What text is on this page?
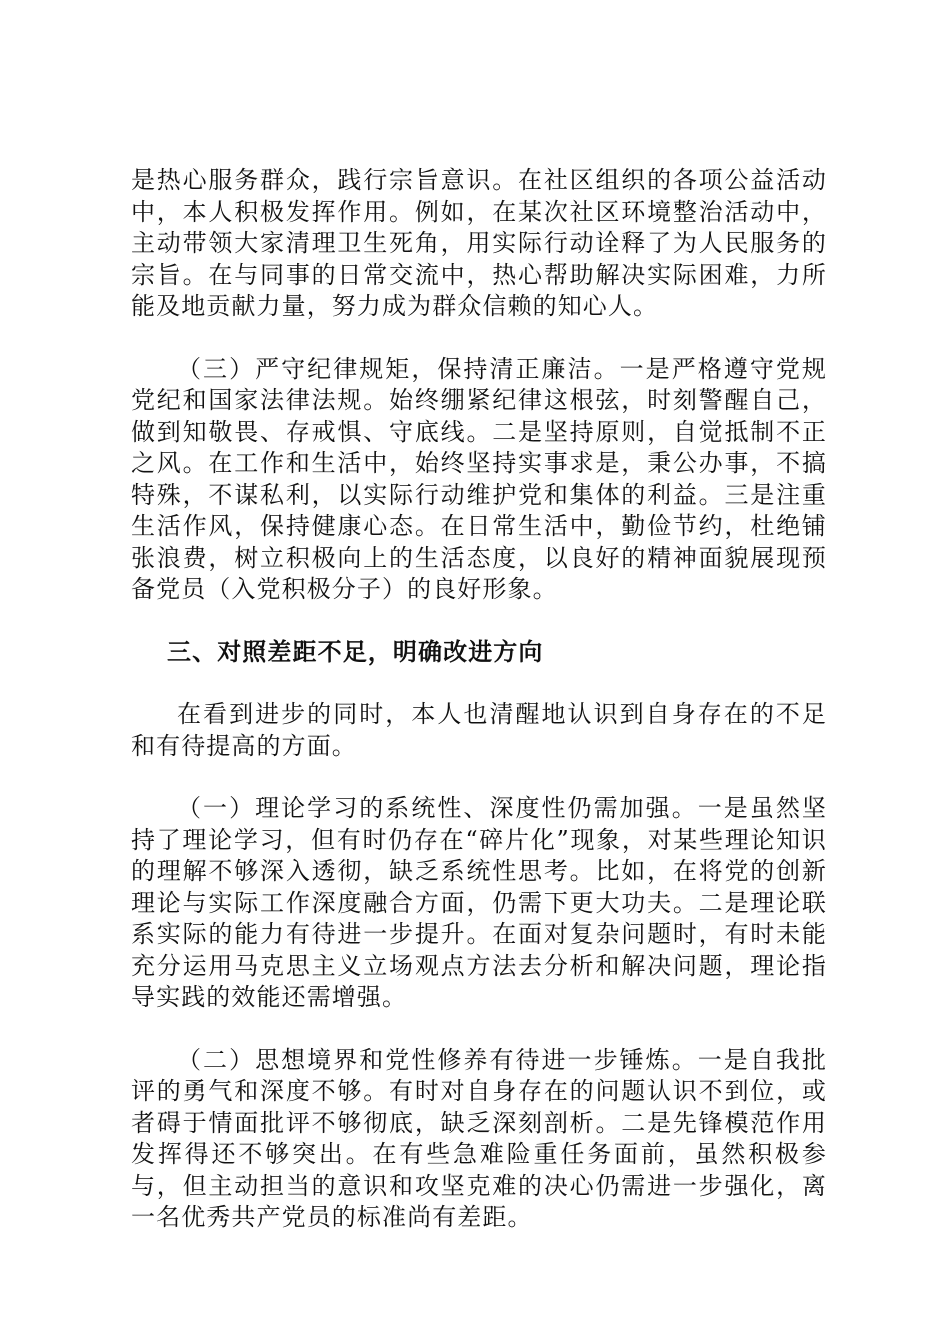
是热心服务群众，践行宗旨意识。在社区组织的各项公益活动中，本人积极发挥作用。例如，在某次社区环境整治活动中，主动带领大家清理卫生死角，用实际行动诠释了为人民服务的宗旨。在与同事的日常交流中，热心帮助解决实际困难，力所能及地贡献力量，努力成为群众信赖的知心人。

（三）严守纪律规矩，保持清正廉洁。一是严格遵守党规党纪和国家法律法规。始终绷紧纪律这根弦，时刻警醒自己，做到知敬畏、存戒惧、守底线。二是坚持原则，自觉抵制不正之风。在工作和生活中，始终坚持实事求是，秉公办事，不搞特殊，不谋私利，以实际行动维护党和集体的利益。三是注重生活作风，保持健康心态。在日常生活中，勤俭节约，杜绝铺张浪费，树立积极向上的生活态度，以良好的精神面貌展现预备党员（入党积极分子）的良好形象。

三、对照差距不足，明确改进方向

在看到进步的同时，本人也清醒地认识到自身存在的不足和有待提高的方面。

（一）理论学习的系统性、深度性仍需加强。一是虽然坚持了理论学习，但有时仍存在“碎片化”现象，对某些理论知识的理解不够深入透彻，缺乏系统性思考。比如，在将党的创新理论与实际工作深度融合方面，仍需下更大功夫。二是理论联系实际的能力有待进一步提升。在面对复杂问题时，有时未能充分运用马克思主义立场观点方法去分析和解决问题，理论指导实践的效能还需增强。

（二）思想境界和党性修养有待进一步锤炼。一是自我批评的勇气和深度不够。有时对自身存在的问题认识不到位，或者碍于情面批评不够彻底，缺乏深刻剖析。二是先锋模范作用发挥得还不够突出。在有些急难险重任务面前，虽然积极参与，但主动担当的意识和攻坚克难的决心仍需进一步强化，离一名优秀共产党员的标准尚有差距。
